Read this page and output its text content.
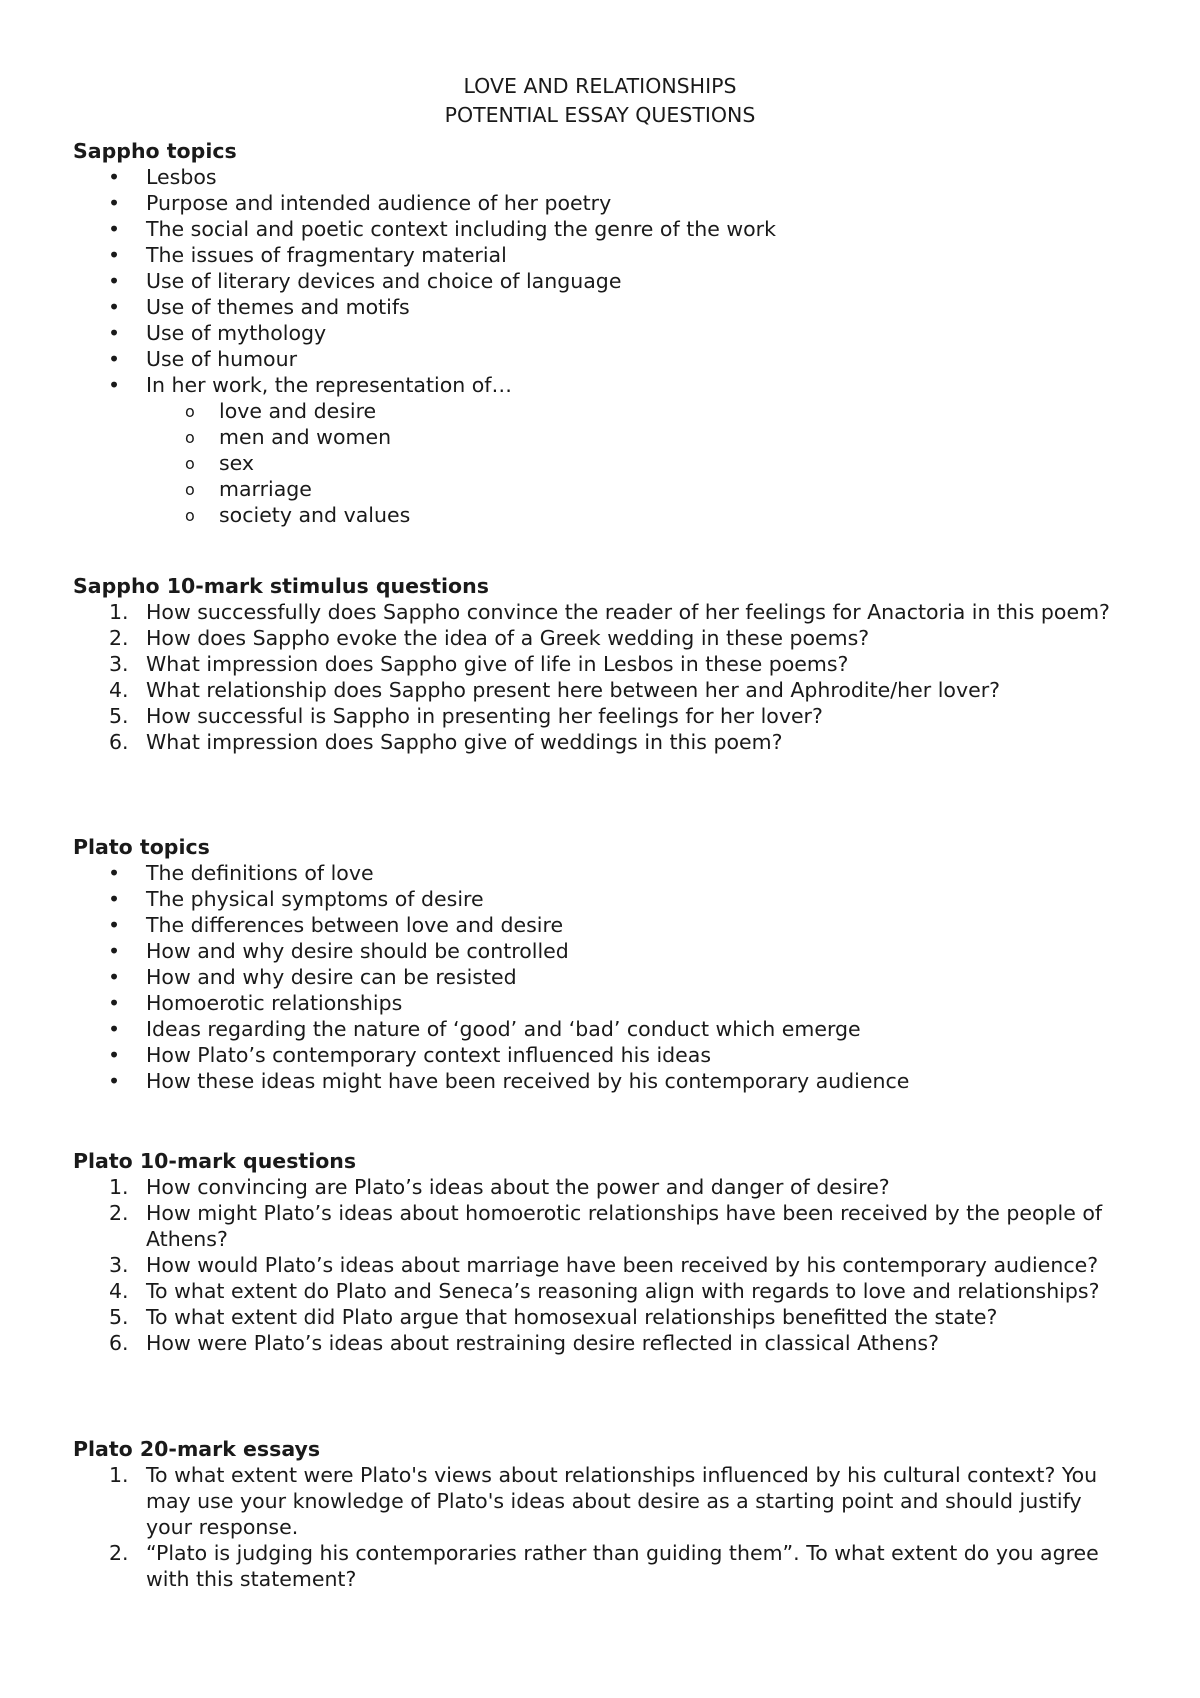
LOVE AND RELATIONSHIPS
POTENTIAL ESSAY QUESTIONS
Sappho topics
• Lesbos
• Purpose and intended audience of her poetry
• The social and poetic context including the genre of the work
• The issues of fragmentary material
• Use of literary devices and choice of language
• Use of themes and motifs
• Use of mythology
• Use of humour
• In her work, the representation of…
o love and desire
o men and women
o sex
o marriage
o society and values
Sappho 10-mark stimulus questions
1. How successfully does Sappho convince the reader of her feelings for Anactoria in this poem?
2. How does Sappho evoke the idea of a Greek wedding in these poems?
3. What impression does Sappho give of life in Lesbos in these poems?
4. What relationship does Sappho present here between her and Aphrodite/her lover?
5. How successful is Sappho in presenting her feelings for her lover?
6. What impression does Sappho give of weddings in this poem?
Plato topics
• The definitions of love
• The physical symptoms of desire
• The differences between love and desire
• How and why desire should be controlled
• How and why desire can be resisted
• Homoerotic relationships
• Ideas regarding the nature of ‘good’ and ‘bad’ conduct which emerge
• How Plato’s contemporary context influenced his ideas
• How these ideas might have been received by his contemporary audience
Plato 10-mark questions
1. How convincing are Plato’s ideas about the power and danger of desire?
2. How might Plato’s ideas about homoerotic relationships have been received by the people of Athens?
3. How would Plato’s ideas about marriage have been received by his contemporary audience?
4. To what extent do Plato and Seneca’s reasoning align with regards to love and relationships?
5. To what extent did Plato argue that homosexual relationships benefitted the state?
6. How were Plato’s ideas about restraining desire reflected in classical Athens?
Plato 20-mark essays
1. To what extent were Plato's views about relationships influenced by his cultural context? You may use your knowledge of Plato's ideas about desire as a starting point and should justify your response.
2. “Plato is judging his contemporaries rather than guiding them”. To what extent do you agree with this statement?
